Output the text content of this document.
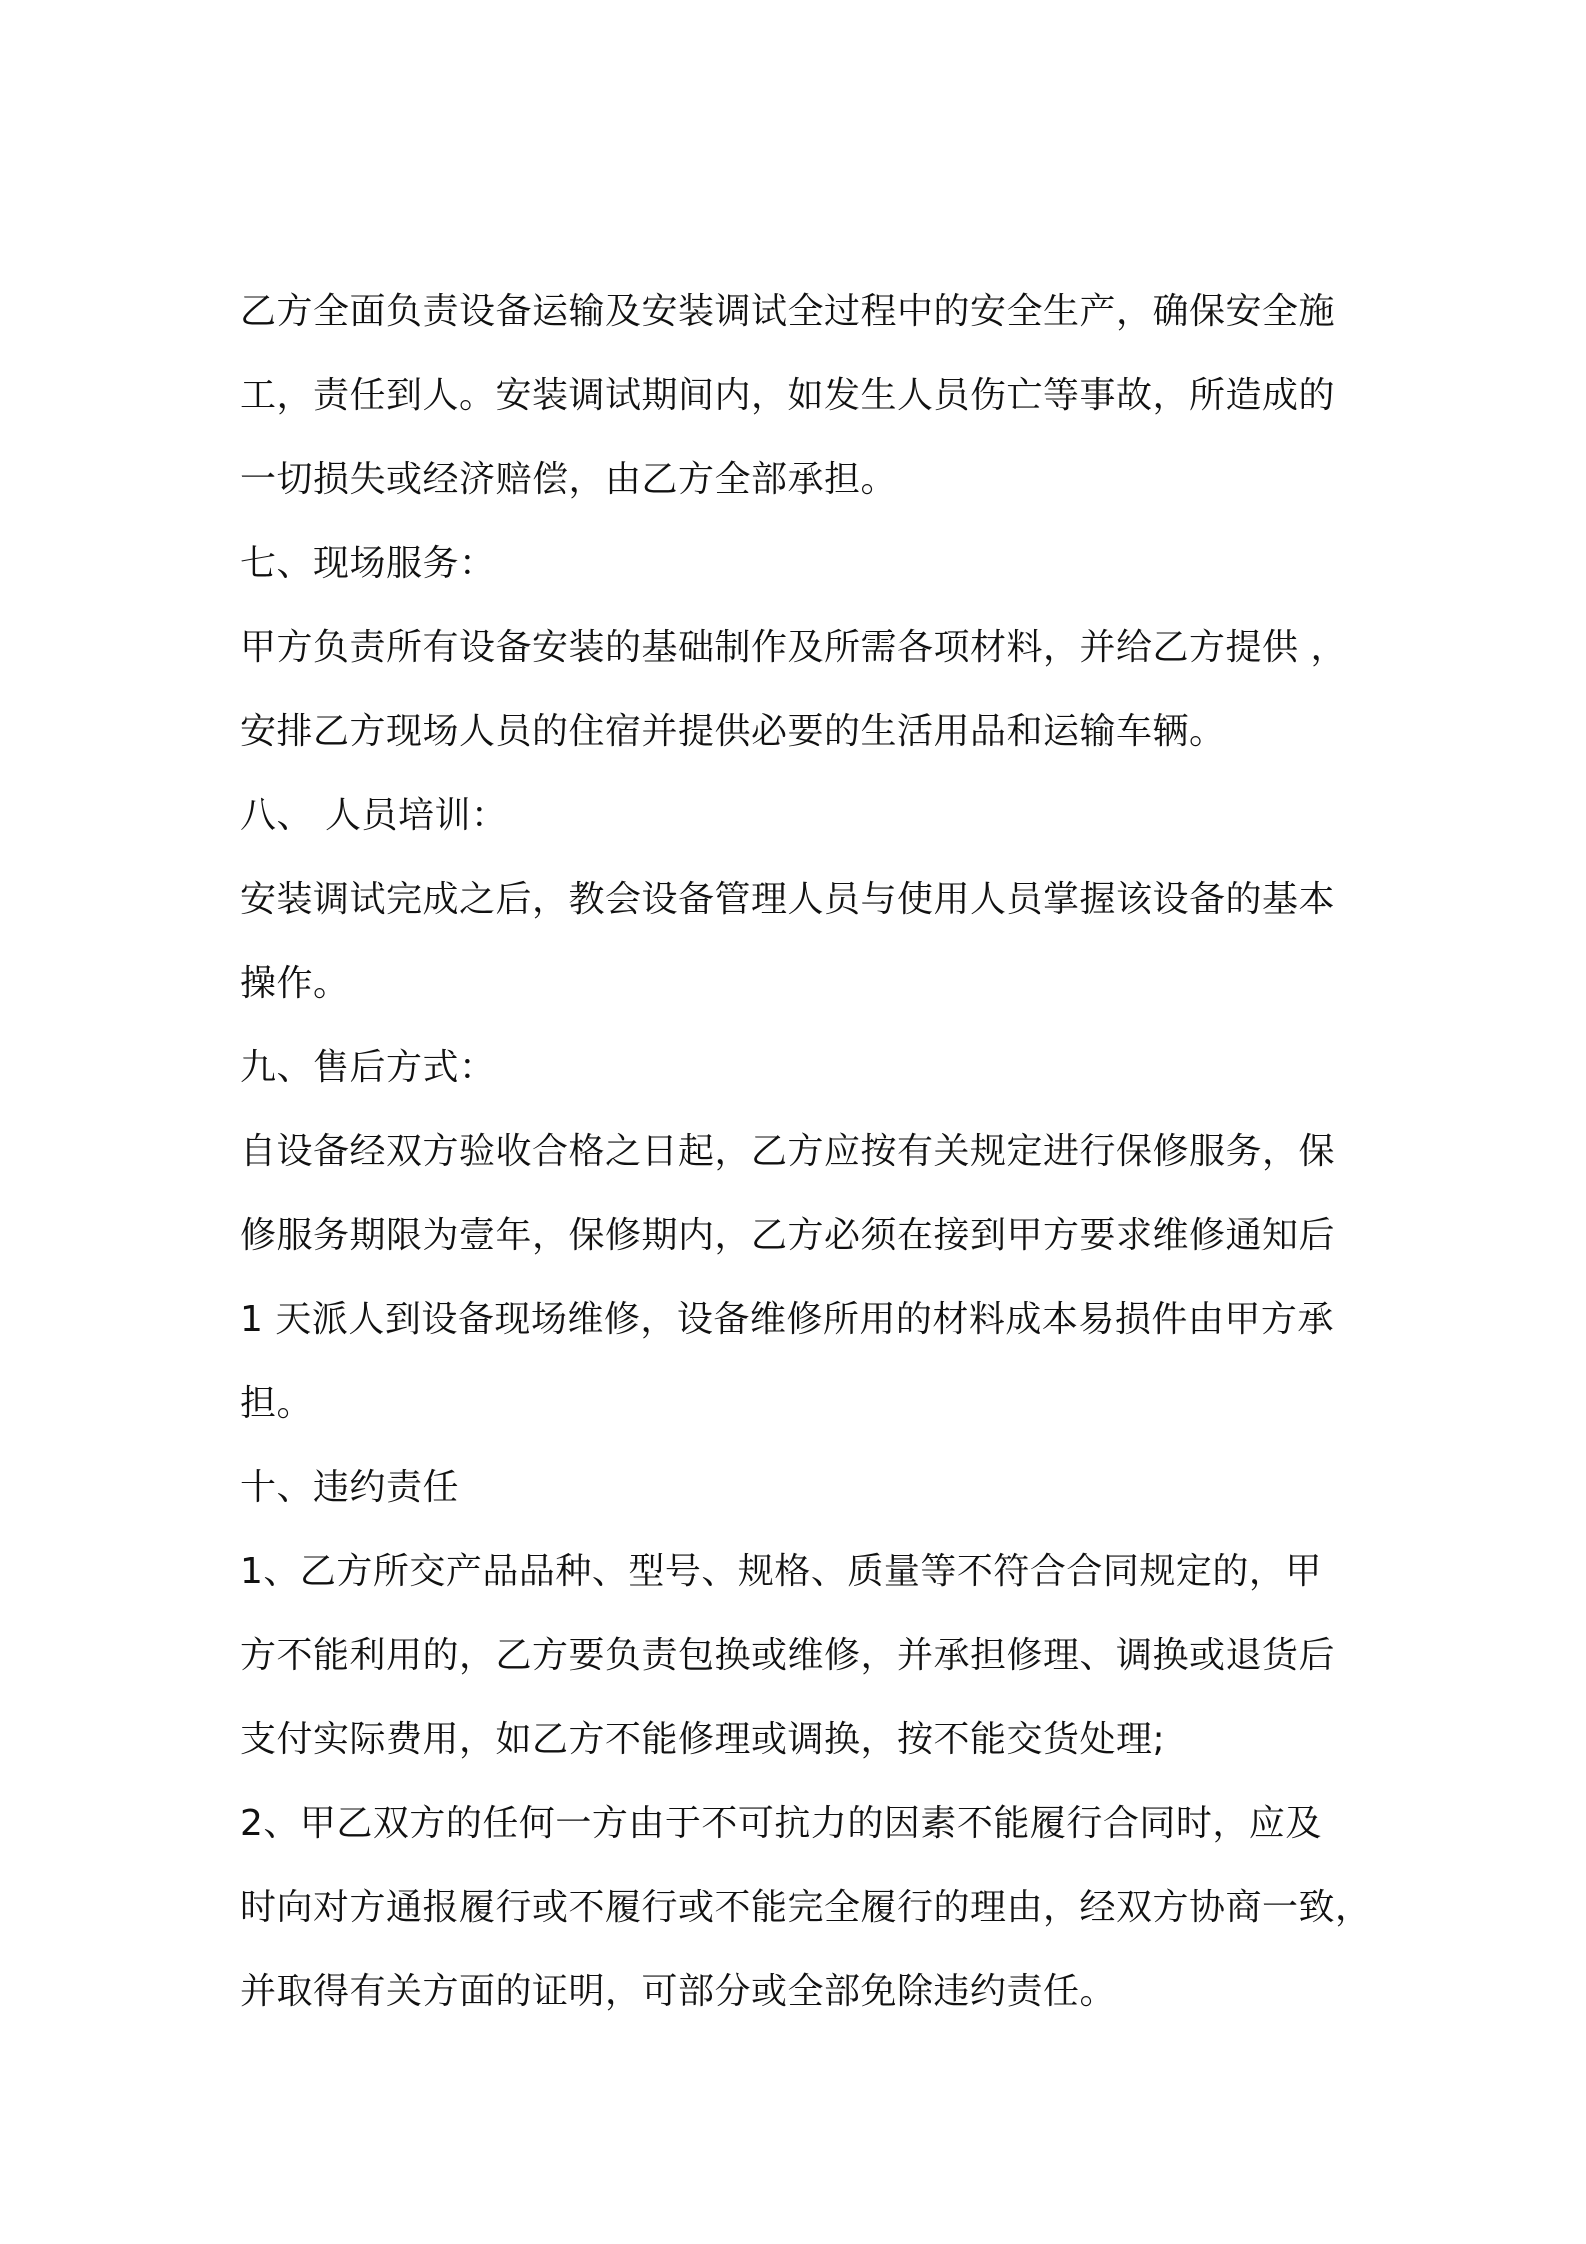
乙方全面负责设备运输及安装调试全过程中的安全生产，确保安全施
工，责任到人。安装调试期间内，如发生人员伤亡等事故，所造成的
一切损失或经济赔偿，由乙方全部承担。
七、现场服务：
甲方负责所有设备安装的基础制作及所需各项材料，并给乙方提供 ，
安排乙方现场人员的住宿并提供必要的生活用品和运输车辆。
八、 人员培训：
安装调试完成之后，教会设备管理人员与使用人员掌握该设备的基本
操作。
九、售后方式：
自设备经双方验收合格之日起，乙方应按有关规定进行保修服务，保
修服务期限为壹年，保修期内，乙方必须在接到甲方要求维修通知后
1 天派人到设备现场维修，设备维修所用的材料成本易损件由甲方承
担。
十、违约责任
1、乙方所交产品品种、型号、规格、质量等不符合合同规定的，甲
方不能利用的，乙方要负责包换或维修，并承担修理、调换或退货后
支付实际费用，如乙方不能修理或调换，按不能交货处理;
2、甲乙双方的任何一方由于不可抗力的因素不能履行合同时，应及
时向对方通报履行或不履行或不能完全履行的理由，经双方协商一致，
并取得有关方面的证明，可部分或全部免除违约责任。
